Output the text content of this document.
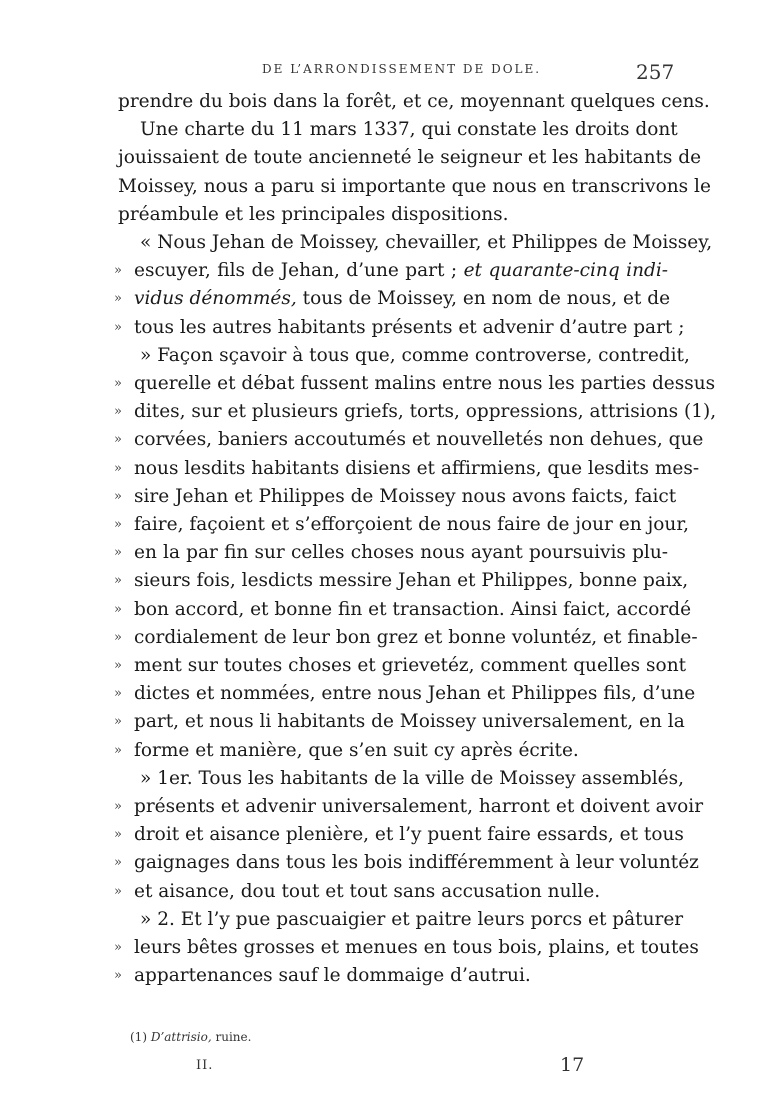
DE L’ARRONDISSEMENT DE DOLE.	257
prendre du bois dans la forêt, et ce, moyennant quelques cens.
Une charte du 11 mars 1337, qui constate les droits dont
jouissaient de toute ancienneté le seigneur et les habitants de
Moissey, nous a paru si importante que nous en transcrivons le
préambule et les principales dispositions.
« Nous Jehan de Moissey, chevailler, et Philippes de Moissey,
» escuyer, fils de Jehan, d’une part ; et quarante-cinq indi-
» vidus dénommés, tous de Moissey, en nom de nous, et de
» tous les autres habitants présents et advenir d’autre part ;
» Façon sçavoir à tous que, comme controverse, contredit,
» querelle et débat fussent malins entre nous les parties dessus
» dites, sur et plusieurs griefs, torts, oppressions, attrisions (1),
» corvées, baniers accoutumés et nouvelletés non dehues, que
» nous lesdits habitants disiens et affirmiens, que lesdits mes-
» sire Jehan et Philippes de Moissey nous avons faicts, faict
» faire, façoient et s’efforçoient de nous faire de jour en jour,
» en la par fin sur celles choses nous ayant poursuivis plu-
» sieurs fois, lesdicts messire Jehan et Philippes, bonne paix,
» bon accord, et bonne fin et transaction. Ainsi faict, accordé
» cordialement de leur bon grez et bonne voluntéz, et finable-
» ment sur toutes choses et grievetéz, comment quelles sont
» dictes et nommées, entre nous Jehan et Philippes fils, d’une
» part, et nous li habitants de Moissey universalement, en la
» forme et manière, que s’en suit cy après écrite.
» 1er. Tous les habitants de la ville de Moissey assemblés,
» présents et advenir universalement, harront et doivent avoir
» droit et aisance plenière, et l’y puent faire essards, et tous
» gaignages dans tous les bois indifféremment à leur voluntéz
» et aisance, dou tout et tout sans accusation nulle.
» 2. Et l’y pue pascuaigier et paitre leurs porcs et pâturer
» leurs bêtes grosses et menues en tous bois, plains, et toutes
» appartenances sauf le dommaige d’autrui.
(1) D’attrisio, ruine.
II.	17
